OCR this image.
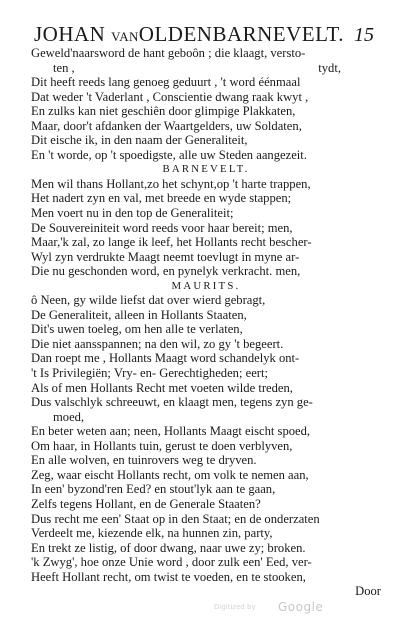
JOHAN VANOLDENBARNEVELT. 15
Geweld'naarsword de hant geboôn ; die klaagt, versto-
ten ,	tydt,
Dit heeft reeds lang genoeg geduurt , 't word éénmaal
Dat weder 't Vaderlant , Conscientie dwang raak kwyt ,
En zulks kan niet geschiên door glimpige Plakkaten,
Maar, door't afdanken der Waartgelders, uw Soldaten,
Dit eische ik, in den naam der Generaliteit,
En 't worde, op 't spoedigste, alle uw Steden aangezeit.
BARNEVELT.
Men wil thans Hollant,zo het schynt,op 't harte trappen,
Het nadert zyn en val, met breede en wyde stappen;
Men voert nu in den top de Generaliteit;
De Souvereiniteit word reeds voor haar bereit; men,
Maar,'k zal, zo lange ik leef, het Hollants recht bescher-
Wyl zyn verdrukte Maagt neemt toevlugt in myne ar-
Die nu geschonden word, en pynelyk verkracht. men,
MAURITS.
ô Neen, gy wilde liefst dat over wierd gebragt,
De Generaliteit, alleen in Hollants Staaten,
Dit's uwen toeleg, om hen alle te verlaten,
Die niet aansspannen; na den wil, zo gy 't begeert.
Dan roept me , Hollants Maagt word schandelyk ont-
't Is Privilegiën; Vry- en- Gerechtigheden; eert;
Als of men Hollants Recht met voeten wilde treden,
Dus valschlyk schreeuwt, en klaagt men, tegens zyn ge-
moed,
En beter weten aan; neen, Hollants Maagt eischt spoed,
Om haar, in Hollants tuin, gerust te doen verblyven,
En alle wolven, en tuinrovers weg te dryven.
Zeg, waar eischt Hollants recht, om volk te nemen aan,
In een' byzond'ren Eed? en stout'lyk aan te gaan,
Zelfs tegens Hollant, en de Generale Staaten?
Dus recht me een' Staat op in den Staat; en de onderzaten
Verdeelt me, kiezende elk, na hunnen zin, party,
En trekt ze listig, of door dwang, naar uwe zy; broken.
'k Zwyg', hoe onze Unie word , door zulk een' Eed, ver-
Heeft Hollant recht, om twist te voeden, en te stooken,
Door
Digitized by Google
